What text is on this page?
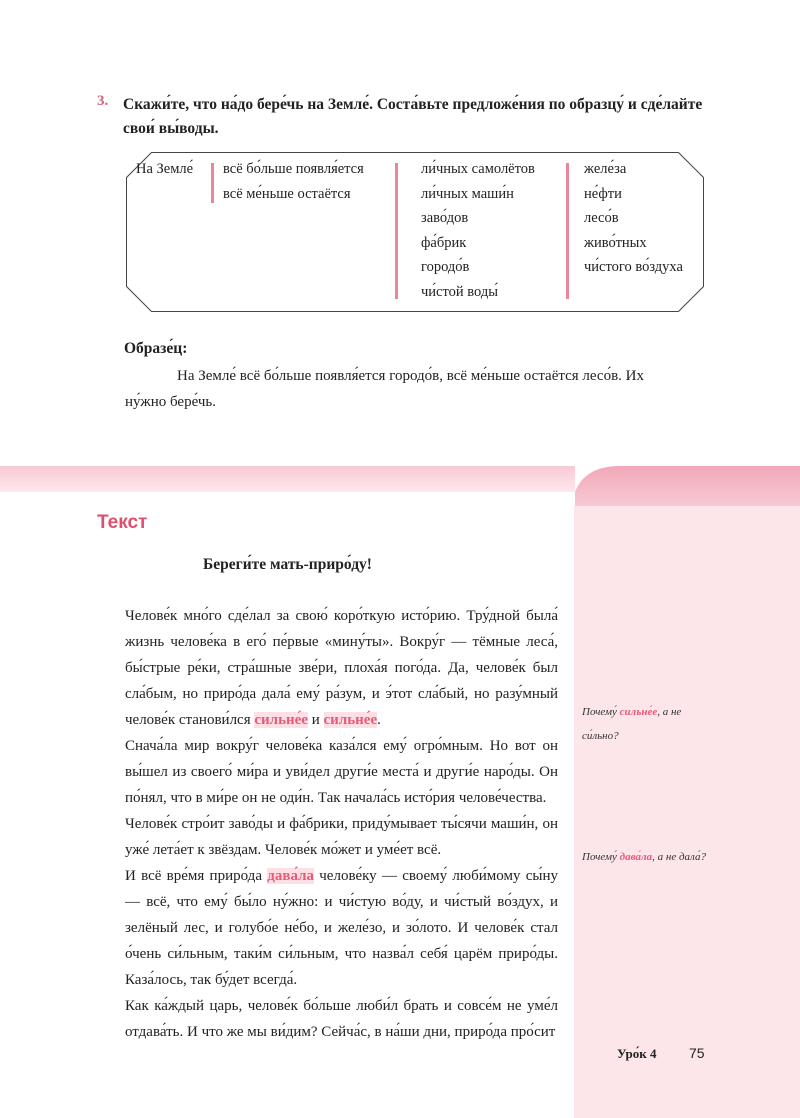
3. Скажи́те, что на́до бере́чь на Земле́. Соста́вьте предложе́ния по образцу́ и сде́лайте свои́ вы́воды.
На Земле́ всё бо́льше появля́ется
всё ме́ньше остаётся
ли́чных самолётов
ли́чных маши́н
заво́дов
фа́брик
городо́в
чи́стой воды́
желе́за
не́фти
лесо́в
живо́тных
чи́стого во́здуха
Образе́ц:
На Земле́ всё бо́льше появля́ется городо́в, всё ме́ньше остаётся лесо́в. Их ну́жно бере́чь.
Текст
Береги́те мать-приро́ду!

Челове́к мно́го сде́лал за свою́ коро́ткую исто́рию. Тру́дной была́ жизнь челове́ка в его́ пе́рвые «мину́ты». Вокру́г — тёмные леса́, бы́стрые ре́ки, стра́шные зве́ри, плоха́я пого́да. Да, челове́к был сла́бым, но приро́да дала́ ему́ ра́зум, и э́тот сла́бый, но разу́мный челове́к станови́лся сильне́е и сильне́е.

Снача́ла мир вокру́г челове́ка каза́лся ему́ огро́мным. Но вот он вы́шел из своего́ ми́ра и уви́дел други́е места́ и други́е наро́ды. Он по́нял, что в ми́ре он не оди́н. Так начала́сь исто́рия челове́чества.

Челове́к стро́ит заво́ды и фа́брики, приду́мывает ты́сячи маши́н, он уже́ лета́ет к звёздам. Челове́к мо́жет и уме́ет всё.

И всё вре́мя приро́да дава́ла челове́ку — своему́ люби́мому сы́ну — всё, что ему́ бы́ло ну́жно: и чи́стую во́ду, и чи́стый во́здух, и зелёный лес, и голубо́е не́бо, и желе́зо, и зо́лото. И челове́к стал о́чень си́льным, таки́м си́льным, что назва́л себя́ царём приро́ды. Каза́лось, так бу́дет всегда́.

Как ка́ждый царь, челове́к бо́льше люби́л брать и совсе́м не уме́л отдава́ть. И что же мы ви́дим? Сейча́с, в на́ши дни, приро́да про́сит

Почему́ сильне́е, а не си́льно?
Почему́ дава́ла, а не дала́?
Уро́к 4 75
